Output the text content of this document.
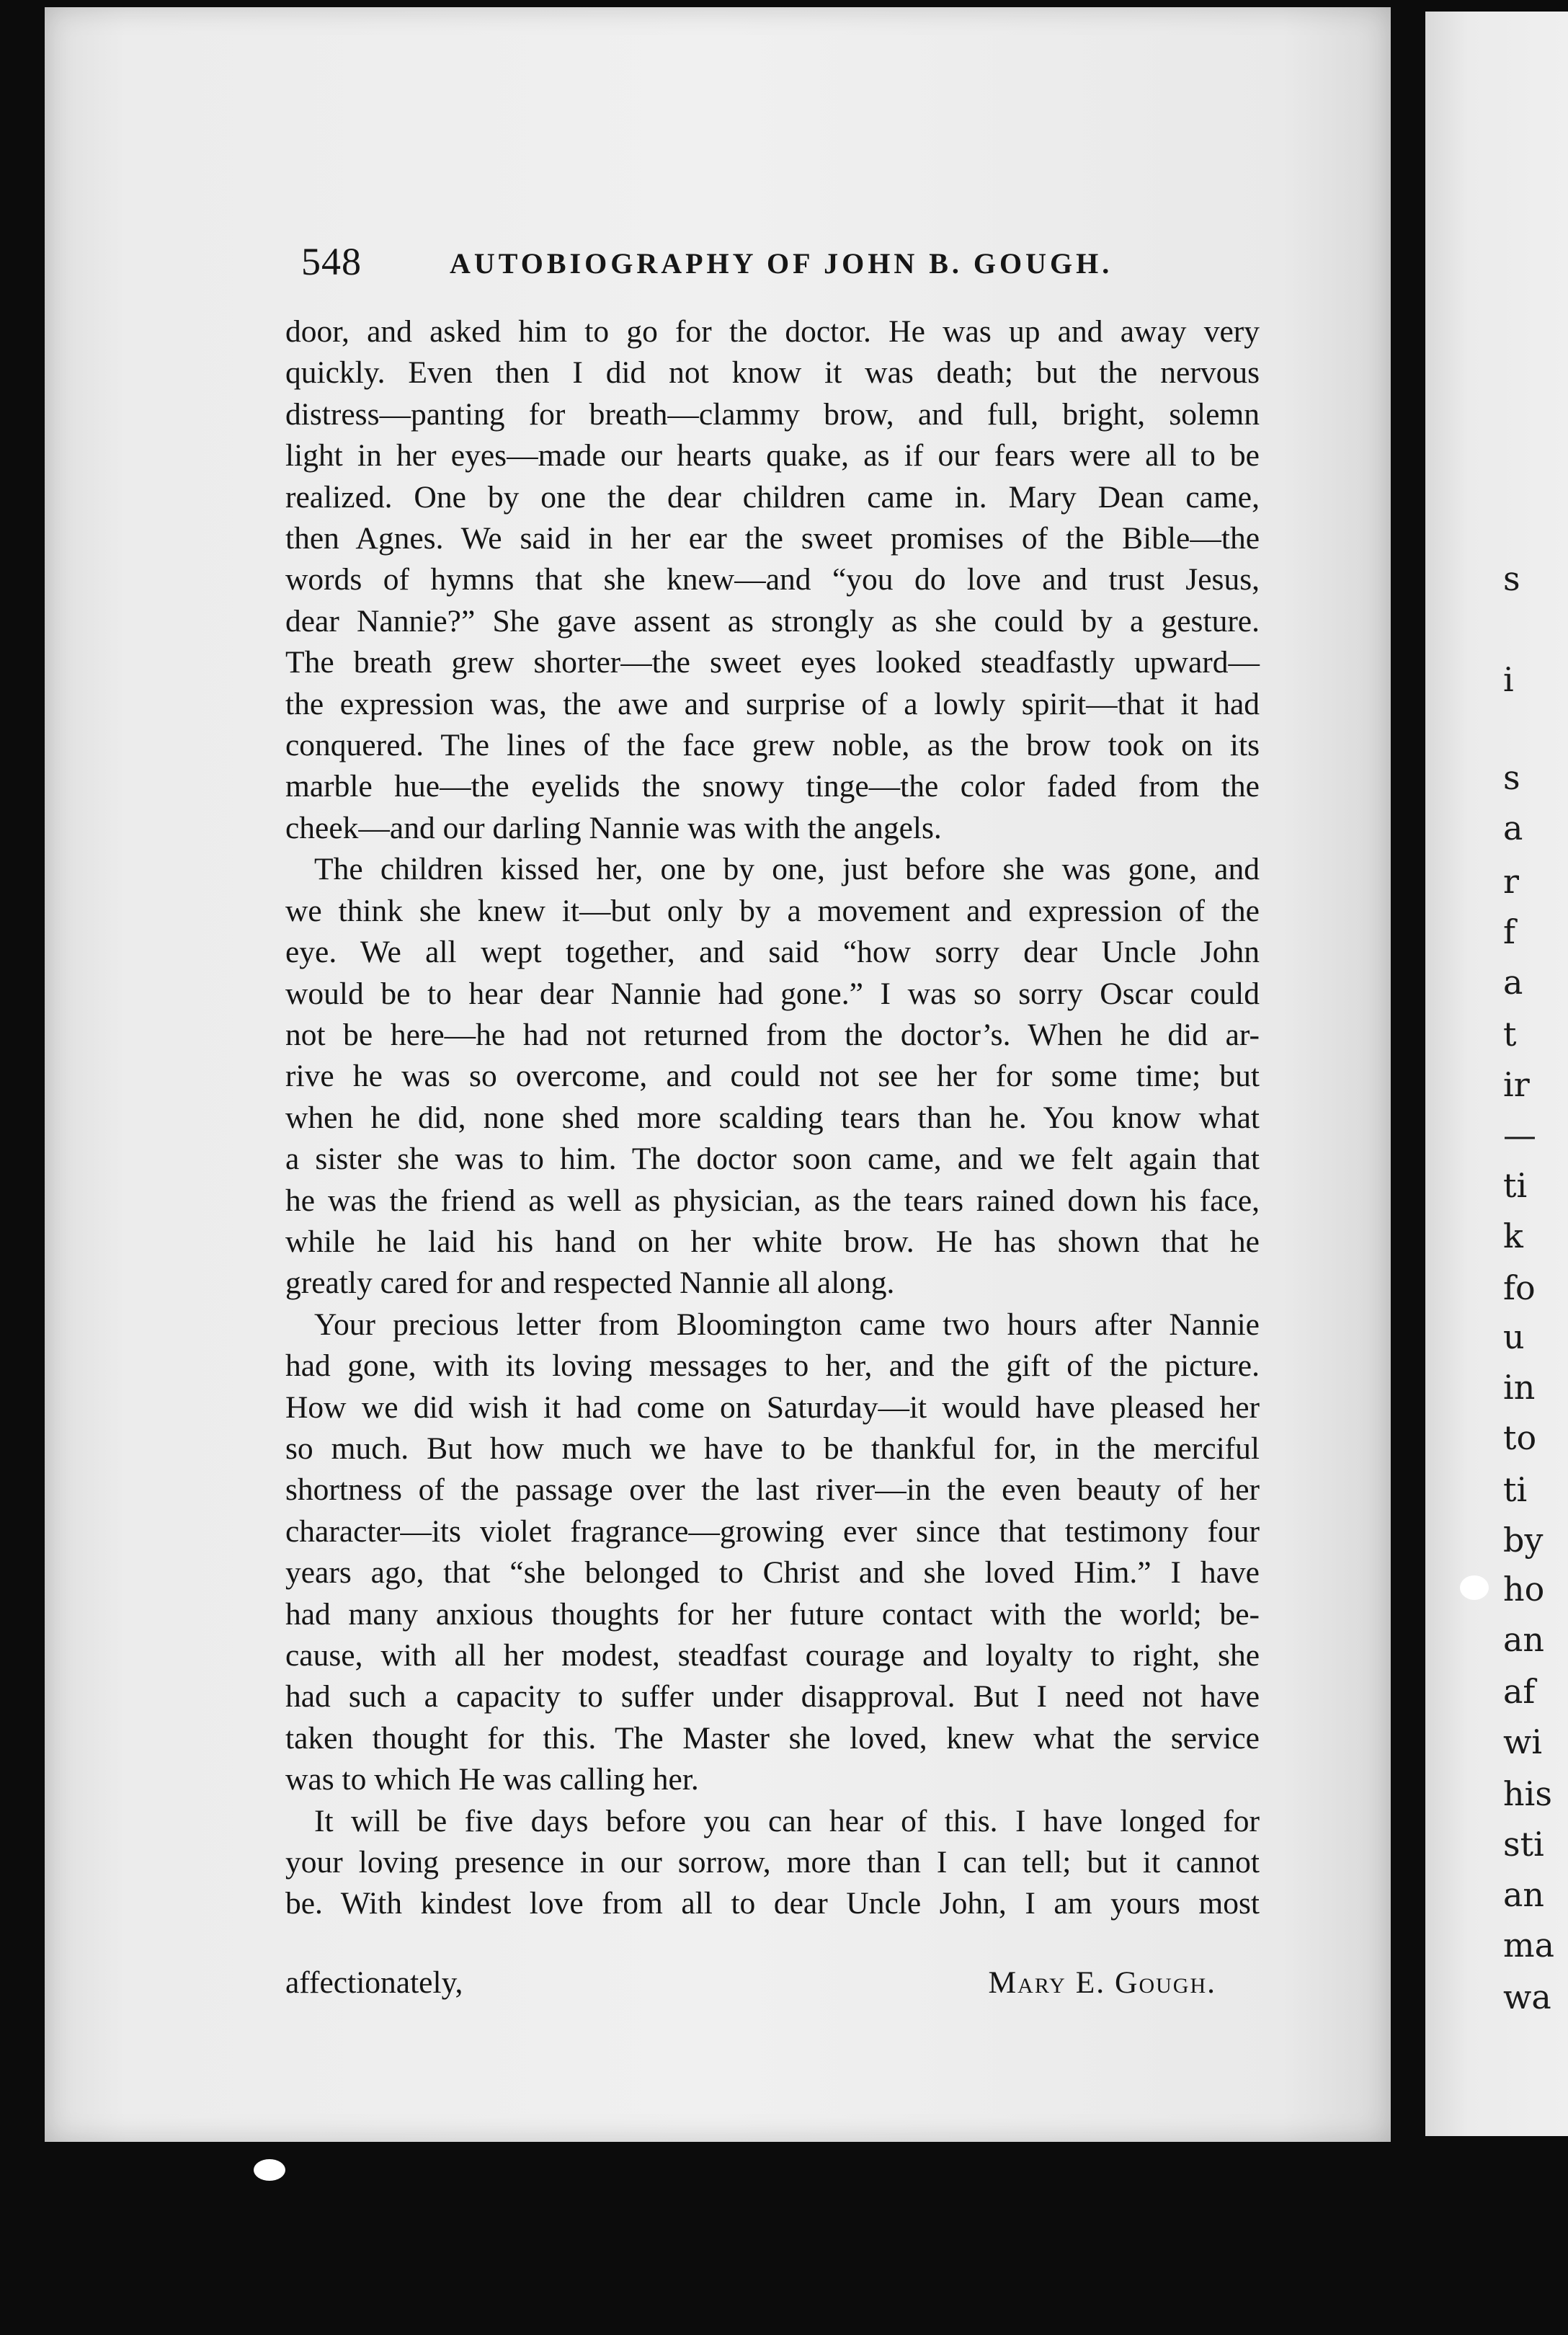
s
i
s
a
r
f
a
t
ir
—
ti
k
fo
u
in
to
ti
by
ho
an
af
wi
his
sti
an
ma
wa
548	AUTOBIOGRAPHY OF JOHN B. GOUGH.

door, and asked him to go for the doctor. He was up and away very

quickly. Even then I did not know it was death; but the nervous

distress—panting for breath—clammy brow, and full, bright, solemn

light in her eyes—made our hearts quake, as if our fears were all to be

realized. One by one the dear children came in. Mary Dean came,

then Agnes. We said in her ear the sweet promises of the Bible—the

words of hymns that she knew—and “you do love and trust Jesus,

dear Nannie?” She gave assent as strongly as she could by a gesture.

The breath grew shorter—the sweet eyes looked steadfastly upward—

the expression was, the awe and surprise of a lowly spirit—that it had

conquered. The lines of the face grew noble, as the brow took on its

marble hue—the eyelids the snowy tinge—the color faded from the

cheek—and our darling Nannie was with the angels.

The children kissed her, one by one, just before she was gone, and

we think she knew it—but only by a movement and expression of the

eye. We all wept together, and said “how sorry dear Uncle John

would be to hear dear Nannie had gone.” I was so sorry Oscar could

not be here—he had not returned from the doctor’s. When he did ar-

rive he was so overcome, and could not see her for some time; but

when he did, none shed more scalding tears than he. You know what

a sister she was to him. The doctor soon came, and we felt again that

he was the friend as well as physician, as the tears rained down his face,

while he laid his hand on her white brow. He has shown that he

greatly cared for and respected Nannie all along.

Your precious letter from Bloomington came two hours after Nannie

had gone, with its loving messages to her, and the gift of the picture.

How we did wish it had come on Saturday—it would have pleased her

so much. But how much we have to be thankful for, in the merciful

shortness of the passage over the last river—in the even beauty of her

character—its violet fragrance—growing ever since that testimony four

years ago, that “she belonged to Christ and she loved Him.” I have

had many anxious thoughts for her future contact with the world; be-

cause, with all her modest, steadfast courage and loyalty to right, she

had such a capacity to suffer under disapproval. But I need not have

taken thought for this. The Master she loved, knew what the service

was to which He was calling her.

It will be five days before you can hear of this. I have longed for

your loving presence in our sorrow, more than I can tell; but it cannot

be. With kindest love from all to dear Uncle John, I am yours most

affectionately,	Mary E. Gough.
